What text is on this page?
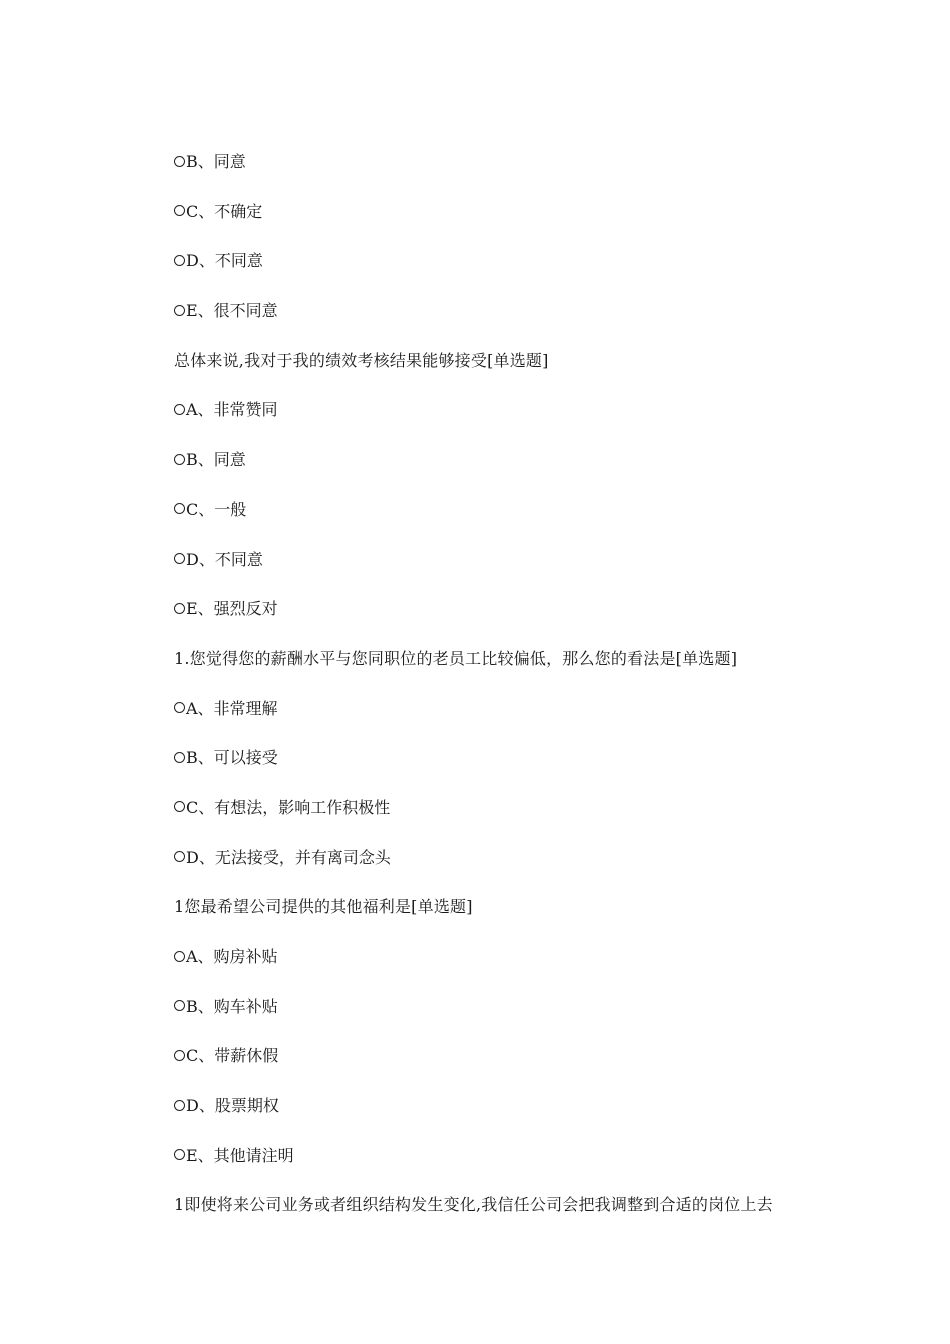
B、同意
C、不确定
D、不同意
E、很不同意
总体来说,我对于我的绩效考核结果能够接受[单选题]
A、非常赞同
B、同意
C、一般
D、不同意
E、强烈反对
1.您觉得您的薪酬水平与您同职位的老员工比较偏低，那么您的看法是[单选题]
A、非常理解
B、可以接受
C、有想法，影响工作积极性
D、无法接受，并有离司念头
1您最希望公司提供的其他福利是[单选题]
A、购房补贴
B、购车补贴
C、带薪休假
D、股票期权
E、其他请注明
1即使将来公司业务或者组织结构发生变化,我信任公司会把我调整到合适的岗位上去
